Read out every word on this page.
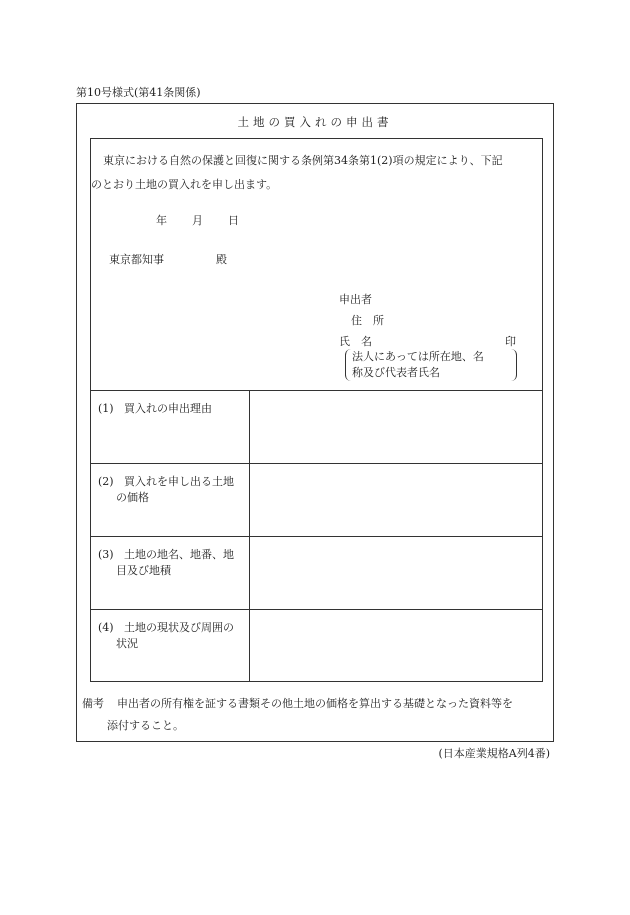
第10号様式(第41条関係)
土地の買入れの申出書
東京における自然の保護と回復に関する条例第34条第1(2)項の規定により、下記
のとおり土地の買入れを申し出ます。
年 月 日
東京都知事	殿
申出者
住　所
氏　名	印
法人にあっては所在地、名
称及び代表者氏名
(1) 買入れの申出理由
(2) 買入れを申し出る土地
の価格
(3) 土地の地名、地番、地
目及び地積
(4) 土地の現状及び周囲の
状況
備考 申出者の所有権を証する書類その他土地の価格を算出する基礎となった資料等を
添付すること。
(日本産業規格A列4番)
